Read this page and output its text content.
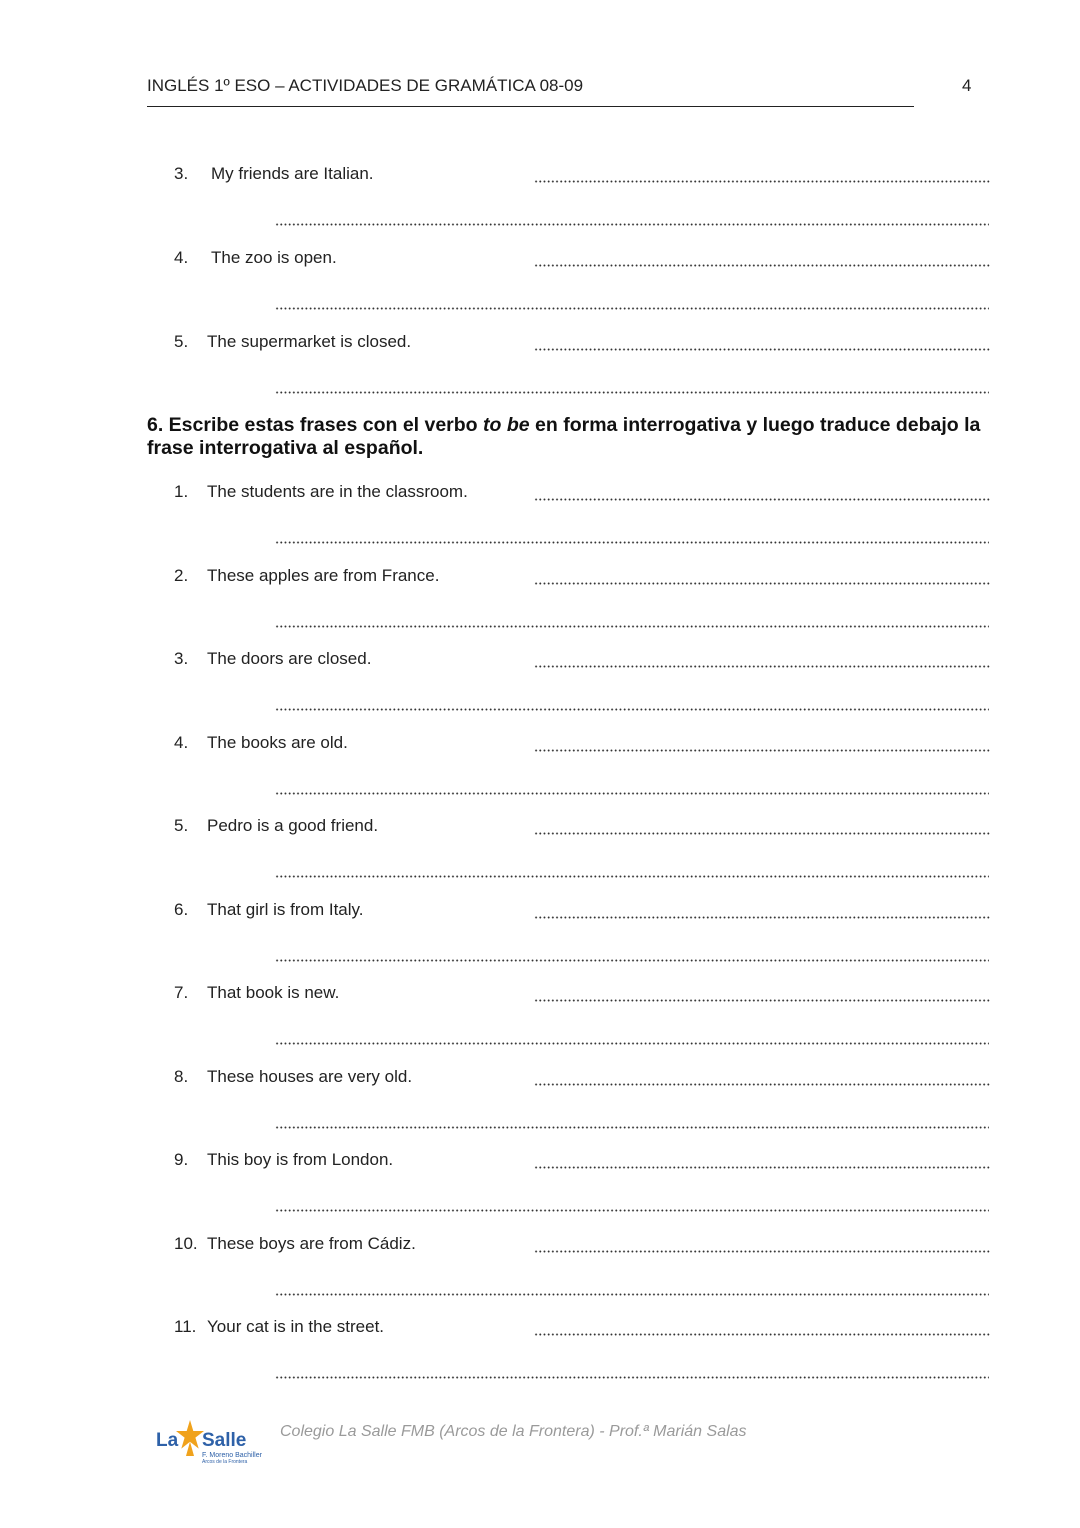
INGLÉS 1º ESO – ACTIVIDADES DE GRAMÁTICA 08-09	4
3. My friends are Italian.
4. The zoo is open.
5. The supermarket is closed.
6. Escribe estas frases con el verbo to be en forma interrogativa y luego traduce debajo la frase interrogativa al español.
1. The students are in the classroom.
2. These apples are from France.
3. The doors are closed.
4. The books are old.
5. Pedro is a good friend.
6. That girl is from Italy.
7. That book is new.
8. These houses are very old.
9. This boy is from London.
10. These boys are from Cádiz.
11. Your cat is in the street.
La Salle
F. Moreno Bachiller
Arcos de la Frontera
Colegio La Salle FMB (Arcos de la Frontera) - Prof.ª Marián Salas
